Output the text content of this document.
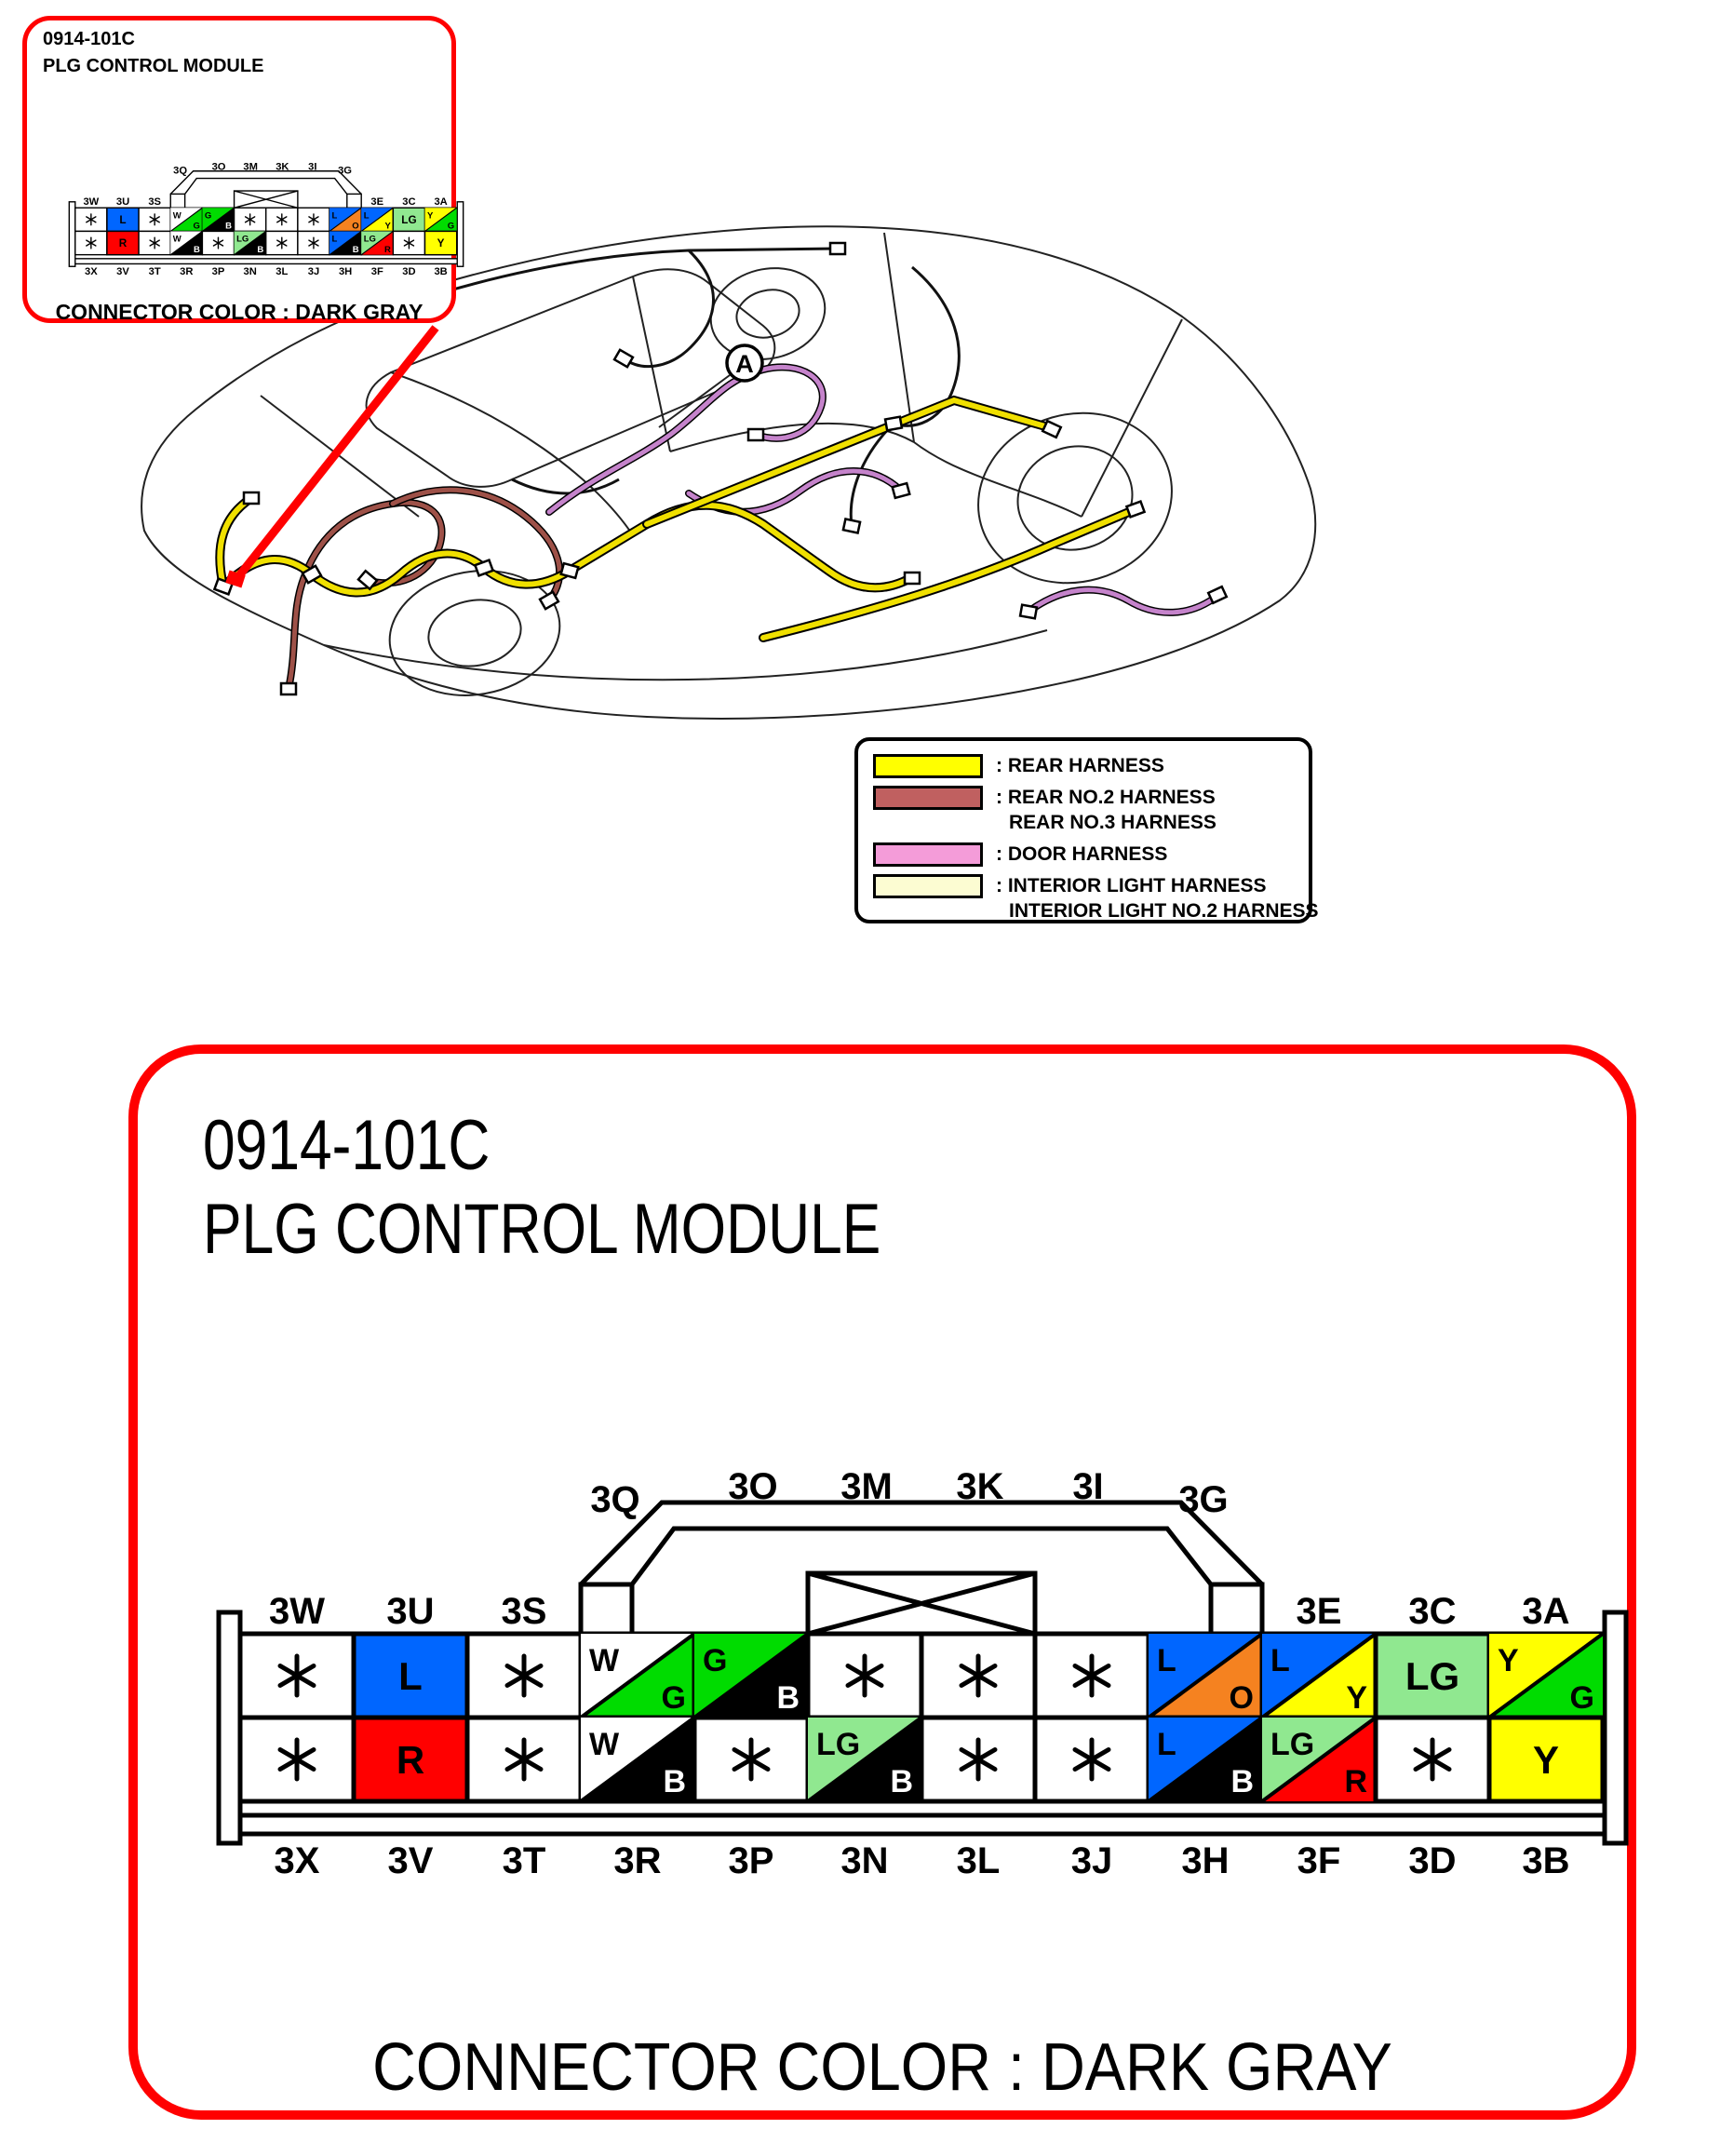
A
0914-101C
PLG CONTROL MODULE
3Q 3O 3M 3K 3I 3G
3W
3X
L
R
3U
3V
3S
3T
W
G
W
B
3R
G
B
3P
LG
B
3N 3L 3J
L
O
L
B
3H
L
Y
LG
R
3E
3F
LG
3C
3D
Y
G
Y
3A
3B
CONNECTOR COLOR : DARK GRAY
: REAR HARNESS
: REAR NO.2 HARNESS
REAR NO.3 HARNESS
: DOOR HARNESS
: INTERIOR LIGHT HARNESS
INTERIOR LIGHT NO.2 HARNESS
0914-101C
PLG CONTROL MODULE
3Q 3O 3M 3K 3I 3G
3W
3X
L
R
3U
3V
3S
3T
W
G
W
B
3R
G
B
3P
LG
B
3N 3L 3J
L
O
L
B
3H
L
Y
LG
R
3E
3F
LG
3C
3D
Y
G
Y
3A
3B
CONNECTOR COLOR : DARK GRAY
